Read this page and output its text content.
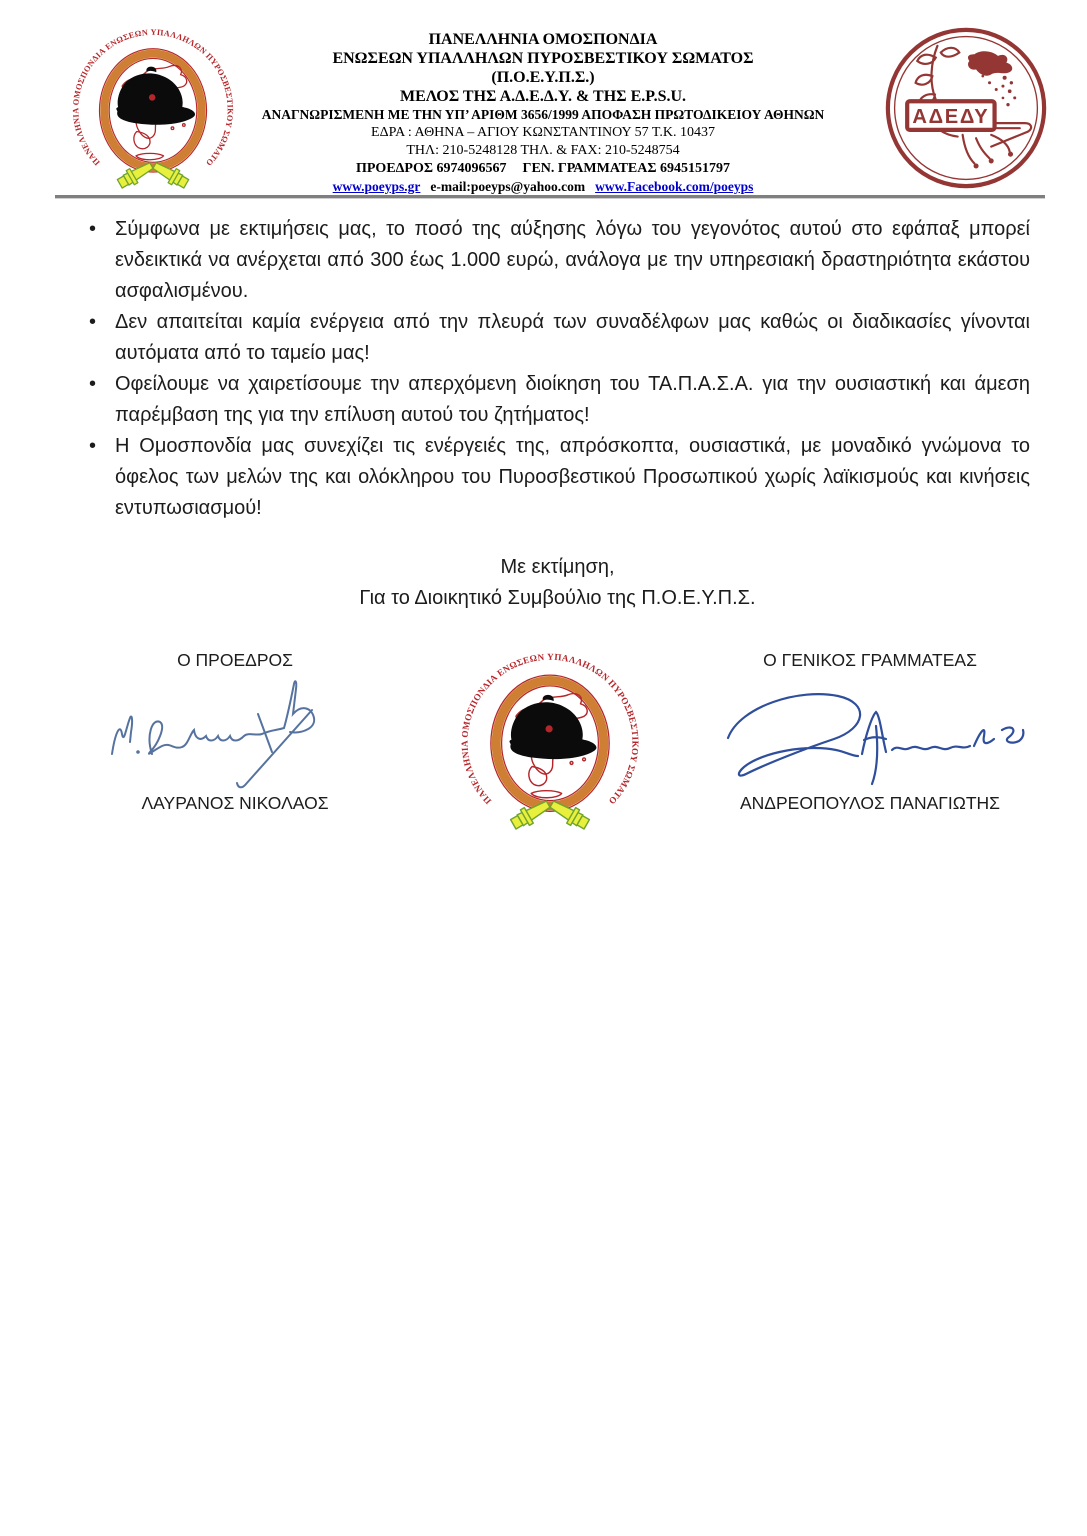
ΠΑΝΕΛΛΗΝΙΑ ΟΜΟΣΠΟΝΔΙΑ
ΕΝΩΣΕΩΝ ΥΠΑΛΛΗΛΩΝ ΠΥΡΟΣΒΕΣΤΙΚΟΥ ΣΩΜΑΤΟΣ
(Π.Ο.Ε.Υ.Π.Σ.)
ΜΕΛΟΣ ΤΗΣ Α.Δ.Ε.Δ.Υ. & ΤΗΣ E.P.S.U.
ΑΝΑΓΝΩΡΙΣΜΕΝΗ ΜΕ ΤΗΝ ΥΠ’ ΑΡΙΘΜ 3656/1999 ΑΠΟΦΑΣΗ ΠΡΩΤΟΔΙΚΕΙΟΥ ΑΘΗΝΩΝ
ΕΔΡΑ : ΑΘΗΝΑ – ΑΓΙΟΥ ΚΩΝΣΤΑΝΤΙΝΟΥ 57 Τ.Κ. 10437
ΤΗΛ: 210-5248128 ΤΗΛ. & FAX: 210-5248754
ΠΡΟΕΔΡΟΣ 6974096567 ΓΕΝ. ΓΡΑΜΜΑΤΕΑΣ 6945151797
www.poeyps.gr e-mail:poeyps@yahoo.com www.Facebook.com/poeyps
• Σύμφωνα με εκτιμήσεις μας, το ποσό της αύξησης λόγω του γεγονότος αυτού στο εφάπαξ μπορεί ενδεικτικά να ανέρχεται από 300 έως 1.000 ευρώ, ανάλογα με την υπηρεσιακή δραστηριότητα εκάστου ασφαλισμένου.
• Δεν απαιτείται καμία ενέργεια από την πλευρά των συναδέλφων μας καθώς οι διαδικασίες γίνονται αυτόματα από το ταμείο μας!
• Οφείλουμε να χαιρετίσουμε την απερχόμενη διοίκηση του ΤΑ.Π.Α.Σ.Α. για την ουσιαστική και άμεση παρέμβαση της για την επίλυση αυτού του ζητήματος!
• Η Ομοσπονδία μας συνεχίζει τις ενέργειές της, απρόσκοπτα, ουσιαστικά, με μοναδικό γνώμονα το όφελος των μελών της και ολόκληρου του Πυροσβεστικού Προσωπικού χωρίς λαϊκισμούς και κινήσεις εντυπωσιασμού!
Με εκτίμηση,
Για το Διοικητικό Συμβούλιο της Π.Ο.Ε.Υ.Π.Σ.
Ο ΠΡΟΕΔΡΟΣ	Ο ΓΕΝΙΚΟΣ ΓΡΑΜΜΑΤΕΑΣ
ΛΑΥΡΑΝΟΣ ΝΙΚΟΛΑΟΣ	ΑΝΔΡΕΟΠΟΥΛΟΣ ΠΑΝΑΓΙΩΤΗΣ
